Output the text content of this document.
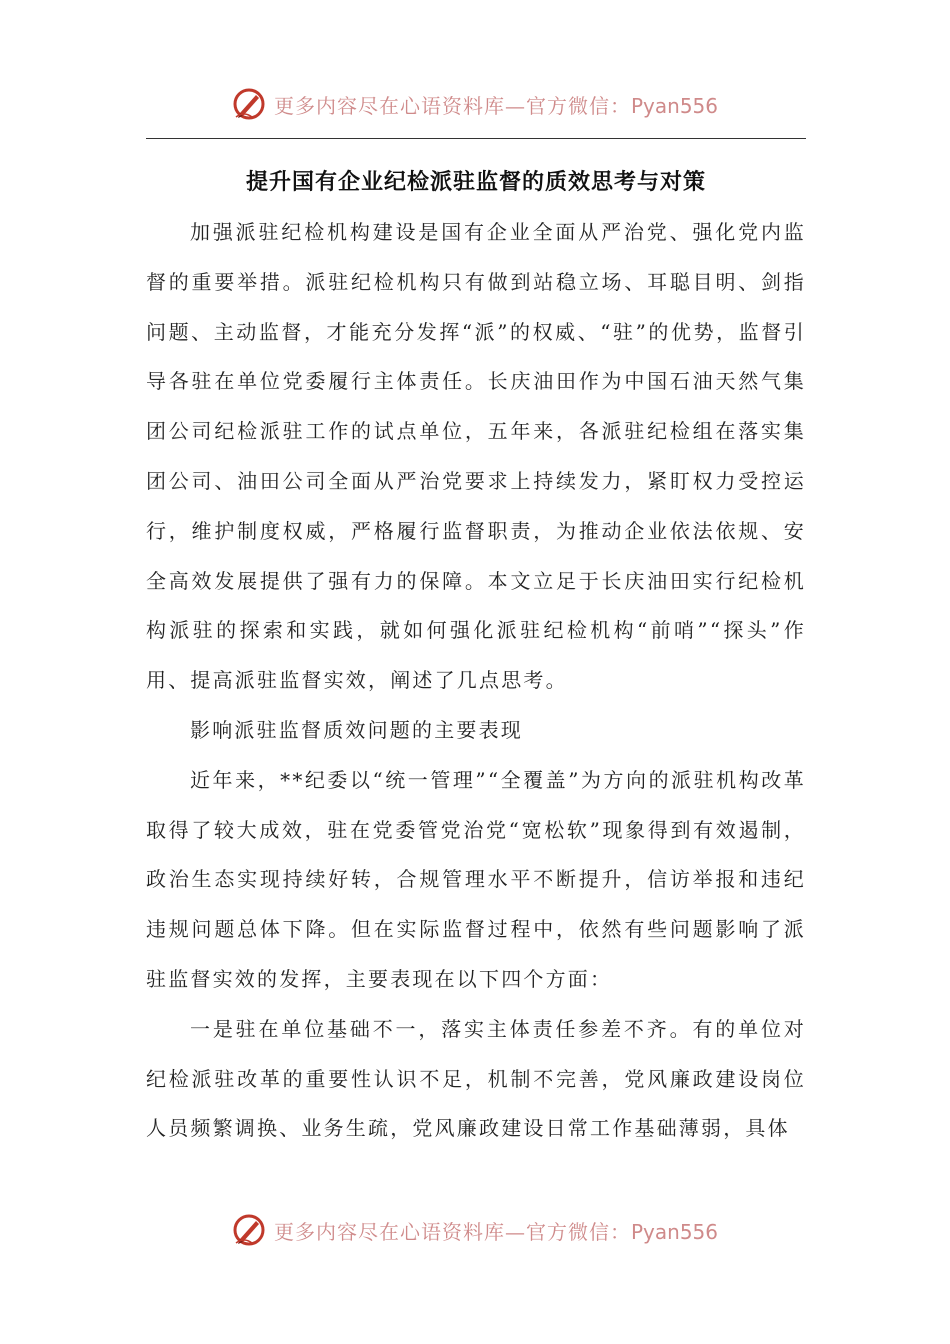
更多内容尽在心语资料库—官方微信：Pyan556
提升国有企业纪检派驻监督的质效思考与对策

加强派驻纪检机构建设是国有企业全面从严治党、强化党内监督的重要举措。派驻纪检机构只有做到站稳立场、耳聪目明、剑指问题、主动监督，才能充分发挥“派”的权威、“驻”的优势，监督引导各驻在单位党委履行主体责任。长庆油田作为中国石油天然气集团公司纪检派驻工作的试点单位，五年来，各派驻纪检组在落实集团公司、油田公司全面从严治党要求上持续发力，紧盯权力受控运行，维护制度权威，严格履行监督职责，为推动企业依法依规、安全高效发展提供了强有力的保障。本文立足于长庆油田实行纪检机构派驻的探索和实践，就如何强化派驻纪检机构“前哨”“探头”作用、提高派驻监督实效，阐述了几点思考。

影响派驻监督质效问题的主要表现

近年来，**纪委以“统一管理”“全覆盖”为方向的派驻机构改革取得了较大成效，驻在党委管党治党“宽松软”现象得到有效遏制，政治生态实现持续好转，合规管理水平不断提升，信访举报和违纪违规问题总体下降。但在实际监督过程中，依然有些问题影响了派驻监督实效的发挥，主要表现在以下四个方面：

一是驻在单位基础不一，落实主体责任参差不齐。有的单位对纪检派驻改革的重要性认识不足，机制不完善，党风廉政建设岗位人员频繁调换、业务生疏，党风廉政建设日常工作基础薄弱，具体

更多内容尽在心语资料库—官方微信：Pyan556
